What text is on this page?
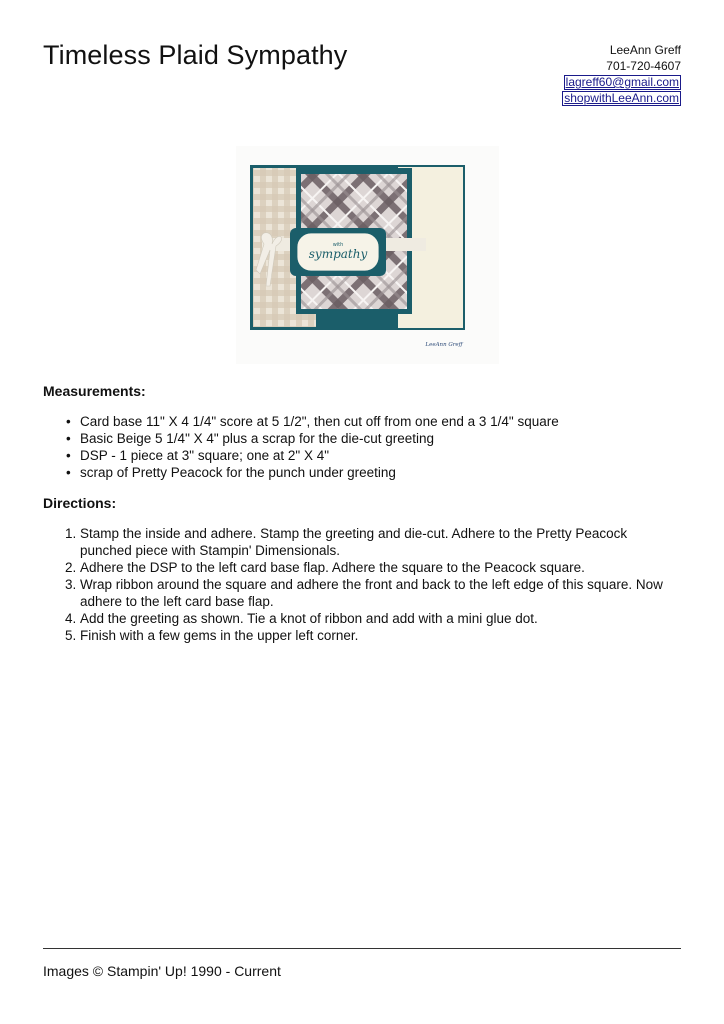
Timeless Plaid Sympathy	LeeAnn Greff
701-720-4607
lagreff60@gmail.com
shopwithLeeAnn.com
with
sympathy
LeeAnn Greff
Measurements:
• Card base 11" X 4 1/4" score at 5 1/2", then cut off from one end a 3 1/4" square
• Basic Beige 5 1/4" X 4" plus a scrap for the die-cut greeting
• DSP - 1 piece at 3" square; one at 2" X 4"
• scrap of Pretty Peacock for the punch under greeting
Directions:
1. Stamp the inside and adhere. Stamp the greeting and die-cut. Adhere to the Pretty Peacock punched piece with Stampin' Dimensionals.
2. Adhere the DSP to the left card base flap. Adhere the square to the Peacock square.
3. Wrap ribbon around the square and adhere the front and back to the left edge of this square. Now adhere to the left card base flap.
4. Add the greeting as shown. Tie a knot of ribbon and add with a mini glue dot.
5. Finish with a few gems in the upper left corner.
Images © Stampin' Up! 1990 - Current
